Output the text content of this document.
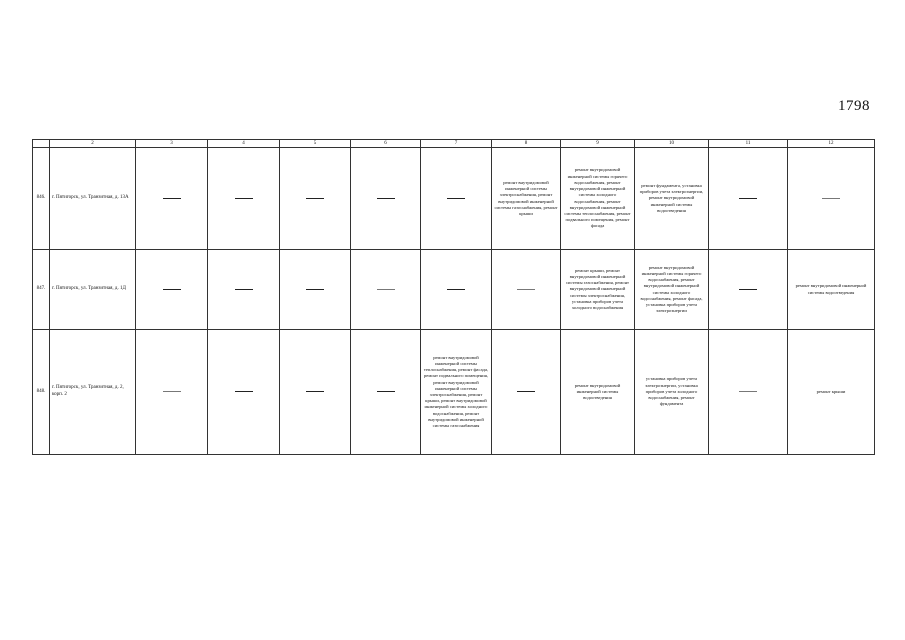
1798
	2	3	4	5	6	7	8	9	10	11	12
846.	г. Пятигорск, ул. Транзитная, д. 13А						ремонт внутридомовой инженерной системы электроснабжения, ремонт внутридомовой инженерной системы газоснабжения, ремонт крыши	ремонт внутридомовой инженерной системы горячего водоснабжения, ремонт внутридомовой инженерной системы холодного водоснабжения, ремонт внутридомовой инженерной системы теплоснабжения, ремонт подвального помещения, ремонт фасада	ремонт фундамента, установка приборов учета электроэнергии, ремонт внутридомовой инженерной системы водоотведения		
847.	г. Пятигорск, ул. Транзитная, д. 1Д							ремонт крыши, ремонт внутридомовой инженерной системы газоснабжения, ремонт внутридомовой инженерной системы электроснабжения, установка приборов учета холодного водоснабжения	ремонт внутридомовой инженерной системы горячего водоснабжения, ремонт внутридомовой инженерной системы холодного водоснабжения, ремонт фасада, установка приборов учета электроэнергии		ремонт внутридомовой инженерной системы водоотведения
848.	г. Пятигорск, ул. Транзитная, д. 2, корп. 2					ремонт внутридомовой инженерной системы теплоснабжения, ремонт фасада, ремонт подвального помещения, ремонт внутридомовой инженерной системы электроснабжения, ремонт крыши, ремонт внутридомовой инженерной системы холодного водоснабжения, ремонт внутридомовой инженерной системы газоснабжения		ремонт внутридомовой инженерной системы водоотведения	установка приборов учета электроэнергии, установка приборов учета холодного водоснабжения, ремонт фундамента		ремонт крыши
